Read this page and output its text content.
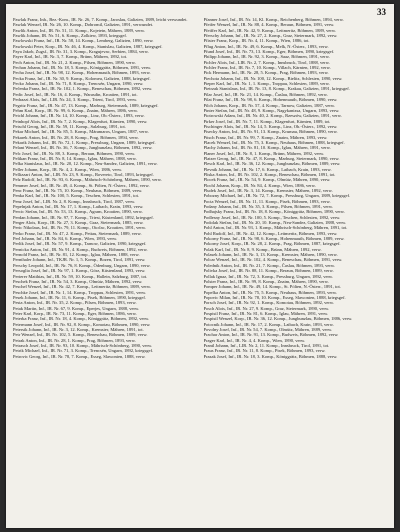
33
Pawlak Franz, Inh., Bez.-Kom., IR. Nr. 26, 7. Komp., Jaroslau, Galizien, 1889, leicht verwundet.
Pawlak Wenzel, IR. Nr. 26, 10. Komp., Dobromil, Galizien, 1891, verwundet.
Pawlik Anton, Inf., IR. Nr. 51, 11. Komp., Kojetein, Mähren, 1889, verw.
Pawlik Johann, IR. Nr. 51, 6. Komp., Zolkiew, 1893, kriegsgef.
Pawlowski Franz, Inf., IR. Nr. 58, 14. Komp., Lemberg, Galizien, 1890, verw.
Pawlowski Peter, Korp., IR. Nr. 46, 4. Komp., Stanislau, Galizien, 1887, kriegsgef.
Paya Jakob, Zugsf., IR. Nr. 31, 3. Komp., Kragujevac, Serbien, 1884, verw.
Payer Karl, Inf., IR. Nr. 3, 7. Komp., Brünn, Mähren, 1892, tot.
Pech Anton, Inf., IR. Nr. 21, 2. Komp., Pilsen, Böhmen, 1890, verw.
Pechan Johann, Inf., IR. Nr. 18, 5. Komp., Königgrätz, Böhmen, 1891, verw.
Pecha Josef, Inf., IR. Nr. 98, 12. Komp., Hohenmauth, Böhmen, 1893, verw.
Pecka Franz, Inf., IR. Nr. 30, 9. Komp., Kolomea, Galizien, 1888, kriegsgef.
Pecko Johann, Inf., IR. Nr. 71, 8. Komp., Trencsén, Ungarn, 1890, verw.
Pečenka Franz, Inf., IR. Nr. 102, 1. Komp., Beneschau, Böhmen, 1892, verw.
Pedic Josef, Inf., IR. Nr. 16, 4. Komp., Warasdin, Kroatien, 1891, tot.
Pedrazzi Alois, Inf., LIR. Nr. 24, 3. Komp., Trient, Tirol, 1893, verw.
Pegritz Franz, Inf., IR. Nr. 47, 13. Komp., Marburg, Steiermark, 1889, kriegsgef.
Pehm Karl, Korp., IR. Nr. 99, 6. Komp., Znaim, Mähren, 1886, verw.
Peichl Johann, Inf., IR. Nr. 14, 10. Komp., Linz, Ob.-Österr., 1893, verw.
Peinhopf Alois, Inf., IR. Nr. 7, 2. Komp., Klagenfurt, Kärnten, 1890, verw.
Peischl Georg, Inf., IR. Nr. 59, 11. Komp., Salzburg, 1891, tot.
Pekar Michael, Inf., IR. Nr. 85, 5. Komp., Máramaros, Ungarn, 1887, verw.
Pekarek Anton, Inf., IR. Nr. 28, 8. Komp., Prag, Böhmen, 1894, verw.
Pekarik Johann, Inf., IR. Nr. 72, 1. Komp., Pressburg, Ungarn, 1889, kriegsgef.
Pelant Wenzel, Inf., IR. Nr. 36, 7. Komp., Jungbunzlau, Böhmen, 1892, verw.
Pelc Josef, Inf., IR. Nr. 88, 3. Komp., Beraun, Böhmen, 1890, verw.
Pelikan Franz, Inf., IR. Nr. 8, 14. Komp., Iglau, Mähren, 1888, verw.
Pelka Stanislaus, Inf., IR. Nr. 20, 12. Komp., Neu-Sandez, Galizien, 1891, verw.
Peller Johann, Korp., IR. Nr. 4, 2. Komp., Wien, 1886, verw.
Pellizzari Anton, Inf., LIR. Nr. 23, 9. Komp., Rovereto, Tirol, 1893, kriegsgef.
Pelz Rudolf, Inf., IR. Nr. 93, 6. Komp., Mährisch-Schönberg, Mähren, 1890, verw.
Pemmer Josef, Inf., IR. Nr. 49, 4. Komp., St. Pölten, N.-Österr., 1892, verw.
Penc Franz, Inf., IR. Nr. 75, 10. Komp., Neuhaus, Böhmen, 1889, verw.
Penka Karl, Inf., IR. Nr. 100, 5. Komp., Teschen, Schlesien, 1891, tot.
Penz Josef, Inf., LIR. Nr. 2, 8. Komp., Innsbruck, Tirol, 1887, verw.
Pepelnjak Anton, Inf., IR. Nr. 17, 1. Komp., Laibach, Krain, 1893, verw.
Percic Stefan, Inf., IR. Nr. 53, 13. Komp., Agram, Kroatien, 1890, verw.
Perdan Johann, Inf., IR. Nr. 97, 7. Komp., Triest, Küstenland, 1892, kriegsgef.
Perger Alois, Korp., IR. Nr. 27, 3. Komp., Graz, Steiermark, 1885, verw.
Peric Nikolaus, Inf., IR. Nr. 79, 11. Komp., Otočac, Kroatien, 1891, verw.
Perko Franz, Inf., IR. Nr. 47, 2. Komp., Pettau, Steiermark, 1889, verw.
Perl Johann, Inf., IR. Nr. 84, 6. Komp., Wien, 1893, verw.
Perlik Josef, Inf., IR. Nr. 57, 9. Komp., Tarnow, Galizien, 1890, kriegsgef.
Pernicka Anton, Inf., IR. Nr. 91, 4. Komp., Budweis, Böhmen, 1892, verw.
Pernold Franz, Inf., IR. Nr. 81, 12. Komp., Iglau, Mähren, 1888, verw.
Pernthaler Johann, Inf., TKJR. Nr. 1, 5. Komp., Bozen, Tirol, 1891, verw.
Perschy Leopold, Inf., IR. Nr. 76, 8. Komp., Ödenburg, Ungarn, 1890, verw.
Persoglia Josef, Inf., IR. Nr. 97, 1. Komp., Görz, Küstenland, 1893, verw.
Perterer Matthias, Inf., IR. Nr. 59, 10. Komp., Hallein, Salzburg, 1887, tot.
Peschek Franz, Inf., IR. Nr. 54, 3. Komp., Olmütz, Mähren, 1892, verw.
Peschel Wenzel, Inf., IR. Nr. 42, 7. Komp., Leitmeritz, Böhmen, 1889, verw.
Peschke Josef, Inf., IR. Nr. 1, 14. Komp., Troppau, Schlesien, 1891, verw.
Pesek Johann, Inf., IR. Nr. 11, 6. Komp., Pisek, Böhmen, 1890, kriegsgef.
Pesta Anton, Inf., IR. Nr. 35, 2. Komp., Pilsen, Böhmen, 1893, verw.
Petak Martin, Inf., IR. Nr. 67, 9. Komp., Eperjes, Ungarn, 1888, verw.
Peter Karl, Korp., IR. Nr. 73, 11. Komp., Eger, Böhmen, 1886, verw.
Peterka Franz, Inf., IR. Nr. 18, 4. Komp., Königgrätz, Böhmen, 1892, verw.
Petermann Josef, Inf., IR. Nr. 92, 8. Komp., Komotau, Böhmen, 1890, verw.
Petersik Johann, Inf., IR. Nr. 3, 12. Komp., Kremsier, Mähren, 1891, tot.
Petr Wenzel, Inf., IR. Nr. 102, 5. Komp., Beneschau, Böhmen, 1889, verw.
Petrak Anton, Inf., IR. Nr. 28, 1. Komp., Prag, Böhmen, 1893, verw.
Petrasch Josef, Inf., IR. Nr. 93, 10. Komp., Mährisch-Schönberg, 1890, verw.
Petrik Michael, Inf., IR. Nr. 71, 3. Komp., Trencsén, Ungarn, 1892, kriegsgef.
Petrovic Georg, Inf., IR. Nr. 78, 7. Komp., Esseg, Slawonien, 1888, verw.
Pfanner Josef, Inf., IR. Nr. 14, Kl. Komp., Reichenberg, Böhmen, 1894, verw.
Pfeifer Wenzel, Inf., IR. Nr. 88, 4. Komp., Beraun, Böhmen, 1891, verw.
Pfeiffer Karl, Inf., IR. Nr. 42, 9. Komp., Leitmeritz, Böhmen, 1889, verw.
Pferschy Johann, Inf., IR. Nr. 27, 2. Komp., Graz, Steiermark, 1892, verw.
Pfister Franz, Korp., IR. Nr. 4, 11. Komp., Wien, 1886, tot.
Pflug Anton, Inf., IR. Nr. 49, 6. Komp., Melk, N.-Österr., 1893, verw.
Pfund Josef, Inf., IR. Nr. 73, 13. Komp., Eger, Böhmen, 1890, kriegsgef.
Philipp Johann, Inf., IR. Nr. 92, 3. Komp., Saaz, Böhmen, 1891, verw.
Pichler Alois, Inf., LIR. Nr. 2, 7. Komp., Innsbruck, Tirol, 1888, verw.
Pichler Franz, Inf., IR. Nr. 7, 10. Komp., Villach, Kärnten, 1892, verw.
Pick Hermann, Inf., IR. Nr. 28, 5. Komp., Prag, Böhmen, 1893, verw.
Piechota Johann, Inf., IR. Nr. 100, 12. Komp., Bielitz, Schlesien, 1890, verw.
Pieper Karl, Inf., IR. Nr. 1, 1. Komp., Troppau, Schlesien, 1889, verw.
Pietrzak Stanislaus, Inf., IR. Nr. 13, 8. Komp., Krakau, Galizien, 1891, kriegsgef.
Pilar Josef, Inf., IR. Nr. 21, 14. Komp., Časlau, Böhmen, 1892, verw.
Pilat Franz, Inf., IR. Nr. 98, 6. Komp., Hohenmauth, Böhmen, 1890, verw.
Pilch Johann, Korp., IR. Nr. 57, 4. Komp., Tarnow, Galizien, 1887, verw.
Pinter Stefan, Inf., IR. Nr. 48, 9. Komp., Nagykanizsa, Ungarn, 1893, verw.
Piotrowski Adam, Inf., IR. Nr. 40, 2. Komp., Rzeszów, Galizien, 1891, verw.
Pirker Josef, Inf., IR. Nr. 7, 11. Komp., Klagenfurt, Kärnten, 1889, tot.
Pischinger Alois, Inf., IR. Nr. 14, 5. Komp., Linz, Ob.-Österr., 1892, verw.
Pisecky Anton, Inf., IR. Nr. 91, 13. Komp., Krumau, Böhmen, 1890, verw.
Pitsch Franz, Inf., IR. Nr. 99, 7. Komp., Znaim, Mähren, 1893, verw.
Placek Wenzel, Inf., IR. Nr. 75, 3. Komp., Neuhaus, Böhmen, 1888, kriegsgef.
Plachy Johann, Inf., IR. Nr. 81, 10. Komp., Iglau, Mähren, 1891, verw.
Planer Josef, Inf., IR. Nr. 8, 1. Komp., Brünn, Mähren, 1892, verw.
Platzer Georg, Inf., IR. Nr. 47, 8. Komp., Marburg, Steiermark, 1890, verw.
Plesch Karl, Inf., IR. Nr. 36, 12. Komp., Jungbunzlau, Böhmen, 1889, verw.
Plevnik Johann, Inf., IR. Nr. 17, 6. Komp., Laibach, Krain, 1893, verw.
Pliska Anton, Inf., IR. Nr. 102, 2. Komp., Beneschau, Böhmen, 1891, tot.
Plocek Franz, Inf., IR. Nr. 54, 9. Komp., Olmütz, Mähren, 1890, verw.
Plochl Johann, Korp., IR. Nr. 84, 4. Komp., Wien, 1886, verw.
Pludek Josef, Inf., IR. Nr. 3, 14. Komp., Kremsier, Mähren, 1892, verw.
Pobozny Michael, Inf., IR. Nr. 72, 7. Komp., Pressburg, Ungarn, 1889, kriegsgef.
Pocta Wenzel, Inf., IR. Nr. 11, 11. Komp., Pisek, Böhmen, 1893, verw.
Podany Johann, Inf., IR. Nr. 35, 3. Komp., Pilsen, Böhmen, 1891, verw.
Podhajsky Franz, Inf., IR. Nr. 18, 8. Komp., Königgrätz, Böhmen, 1890, verw.
Podlesny Josef, Inf., IR. Nr. 100, 5. Komp., Teschen, Schlesien, 1892, verw.
Podolak Stefan, Inf., IR. Nr. 20, 10. Komp., Neu-Sandez, Galizien, 1888, verw.
Pohl Anton, Inf., IR. Nr. 93, 1. Komp., Mährisch-Schönberg, Mähren, 1891, tot.
Pohl Rudolf, Inf., IR. Nr. 42, 12. Komp., Leitmeritz, Böhmen, 1893, verw.
Pokorny Franz, Inf., IR. Nr. 98, 6. Komp., Hohenmauth, Böhmen, 1889, verw.
Pokorny Josef, Korp., IR. Nr. 28, 2. Komp., Prag, Böhmen, 1887, kriegsgef.
Polak Karl, Inf., IR. Nr. 8, 9. Komp., Brünn, Mähren, 1892, verw.
Polasek Johann, Inf., IR. Nr. 3, 13. Komp., Kremsier, Mähren, 1890, verw.
Polcar Wenzel, Inf., IR. Nr. 102, 4. Komp., Beneschau, Böhmen, 1891, verw.
Polednik Anton, Inf., IR. Nr. 21, 7. Komp., Časlau, Böhmen, 1893, verw.
Polivka Josef, Inf., IR. Nr. 88, 11. Komp., Beraun, Böhmen, 1889, verw.
Pollak Ignaz, Inf., IR. Nr. 72, 3. Komp., Pressburg, Ungarn, 1892, verw.
Polster Franz, Inf., IR. Nr. 99, 8. Komp., Znaim, Mähren, 1890, verw.
Pomper Johann, Inf., IR. Nr. 49, 14. Komp., St. Pölten, N.-Österr., 1891, tot.
Popelka Anton, Inf., IR. Nr. 75, 5. Komp., Neuhaus, Böhmen, 1893, verw.
Popovic Milan, Inf., IR. Nr. 78, 10. Komp., Esseg, Slawonien, 1888, kriegsgef.
Porsch Josef, Inf., IR. Nr. 92, 1. Komp., Komotau, Böhmen, 1892, verw.
Posch Alois, Inf., IR. Nr. 27, 9. Komp., Graz, Steiermark, 1890, verw.
Pospisil Franz, Inf., IR. Nr. 81, 6. Komp., Iglau, Mähren, 1891, verw.
Pospisil Wenzel, Korp., IR. Nr. 36, 12. Komp., Jungbunzlau, Böhmen, 1886, verw.
Potocnik Johann, Inf., IR. Nr. 17, 2. Komp., Laibach, Krain, 1893, verw.
Povolny Josef, Inf., IR. Nr. 54, 7. Komp., Olmütz, Mähren, 1889, verw.
Prachar Anton, Inf., IR. Nr. 91, 13. Komp., Budweis, Böhmen, 1892, verw.
Prager Karl, Inf., IR. Nr. 4, 4. Komp., Wien, 1890, verw.
Prantl Johann, Inf., LIR. Nr. 2, 11. Komp., Innsbruck, Tirol, 1891, tot.
Praus Franz, Inf., IR. Nr. 11, 8. Komp., Pisek, Böhmen, 1893, verw.
Prazak Josef, Inf., IR. Nr. 18, 3. Komp., Königgrätz, Böhmen, 1888, verw.
